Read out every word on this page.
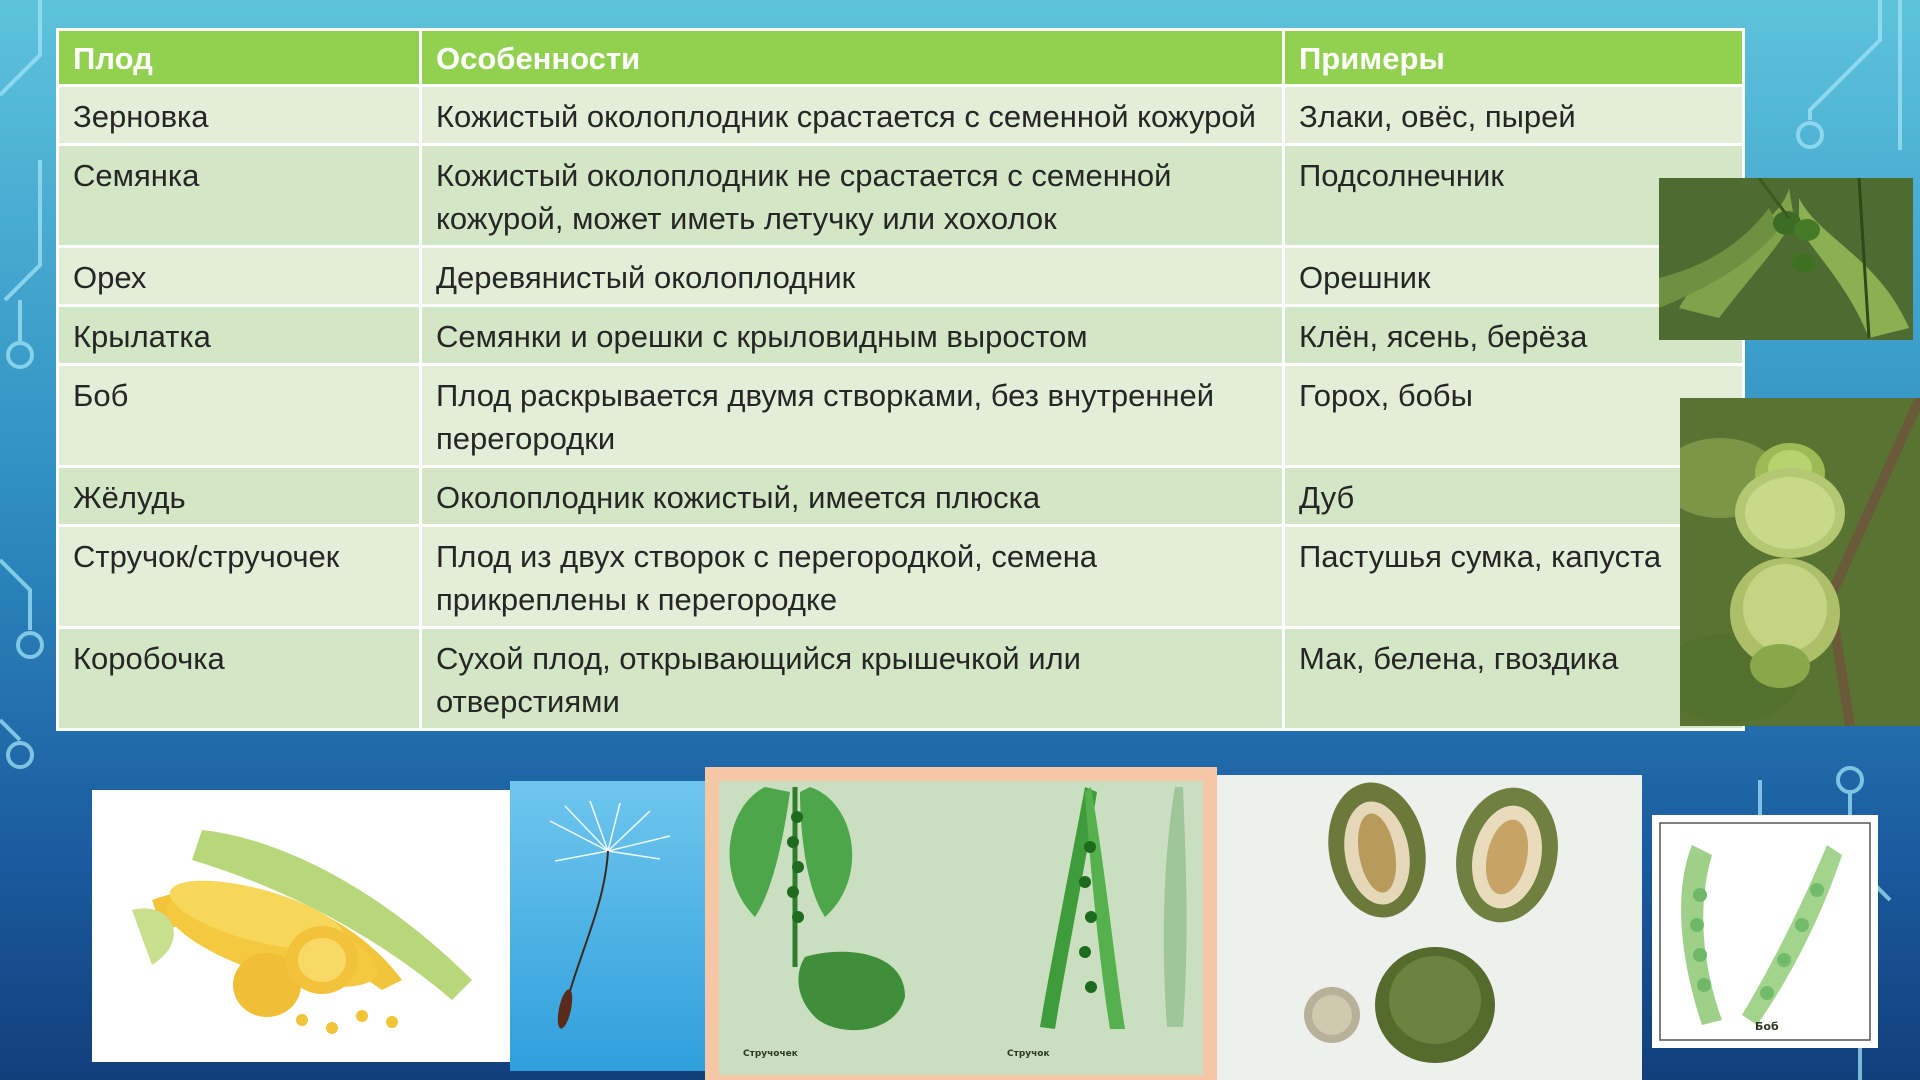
Плод	Особенности	Примеры
Зерновка	Кожистый околоплодник срастается с семенной кожурой	Злаки, овёс, пырей
Семянка	Кожистый околоплодник не срастается с семенной кожурой, может иметь летучку или хохолок	Подсолнечник
Орех	Деревянистый околоплодник	Орешник
Крылатка	Семянки и орешки с крыловидным выростом	Клён, ясень, берёза
Боб	Плод раскрывается двумя створками, без внутренней перегородки	Горох, бобы
Жёлудь	Околоплодник кожистый, имеется плюска	Дуб
Стручок/стручочек	Плод из двух створок с перегородкой, семена прикреплены к перегородке	Пастушья сумка, капуста
Коробочка	Сухой плод, открывающийся крышечкой или отверстиями	Мак, белена, гвоздика
Стручочек	Стручок
Боб
